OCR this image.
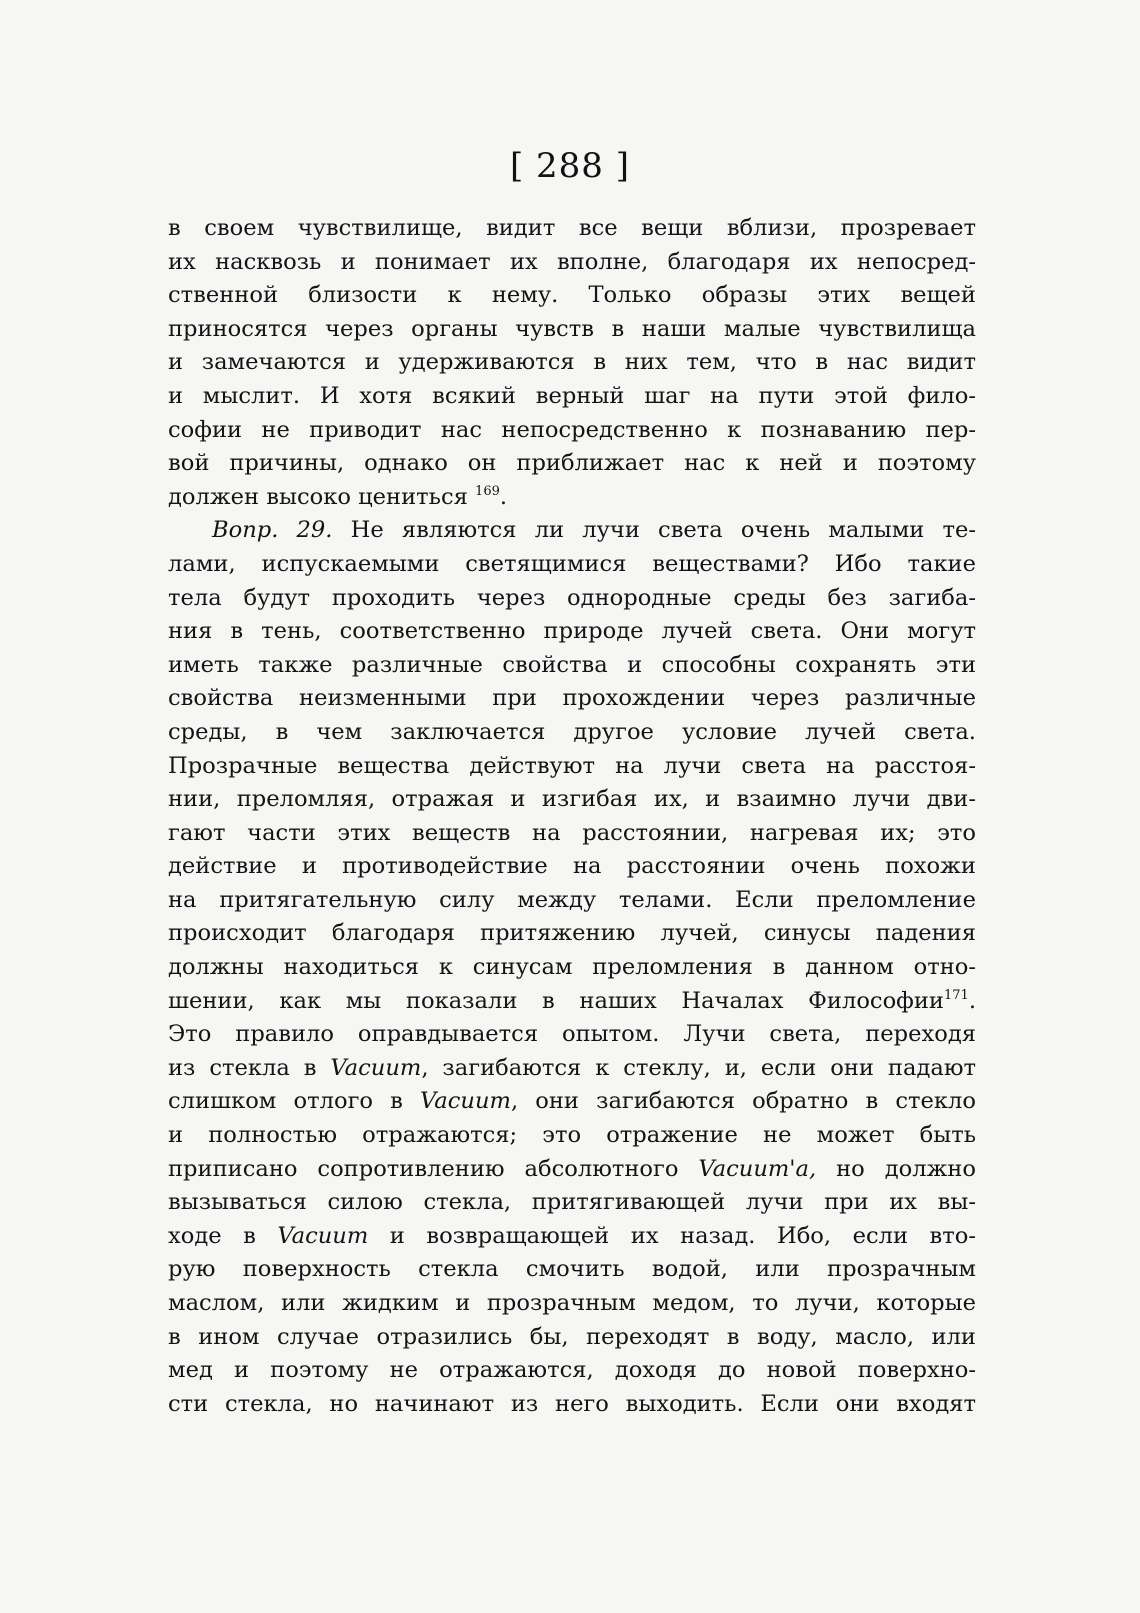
[ 288 ]
в своем чувствилище, видит все вещи вблизи, прозревает
их насквозь и понимает их вполне, благодаря их непосред-
ственной близости к нему. Только образы этих вещей
приносятся через органы чувств в наши малые чувствилища
и замечаются и удерживаются в них тем, что в нас видит
и мыслит. И хотя всякий верный шаг на пути этой фило-
софии не приводит нас непосредственно к познаванию пер-
вой причины, однако он приближает нас к ней и поэтому
должен высоко цениться $^{169}$.
Вопр. 29. Не являются ли лучи света очень малыми те-
лами, испускаемыми светящимися веществами? Ибо такие
тела будут проходить через однородные среды без загиба-
ния в тень, соответственно природе лучей света. Они могут
иметь также различные свойства и способны сохранять эти
свойства неизменными при прохождении через различные
среды, в чем заключается другое условие лучей света.
Прозрачные вещества действуют на лучи света на расстоя-
нии, преломляя, отражая и изгибая их, и взаимно лучи дви-
гают части этих веществ на расстоянии, нагревая их; это
действие и противодействие на расстоянии очень похожи
на притягательную силу между телами. Если преломление
происходит благодаря притяжению лучей, синусы падения
должны находиться к синусам преломления в данном отно-
шении, как мы показали в наших Началах Философии$^{171}$.
Это правило оправдывается опытом. Лучи света, переходя
из стекла в Vacuum, загибаются к стеклу, и, если они падают
слишком отлого в Vacuum, они загибаются обратно в стекло
и полностью отражаются; это отражение не может быть
приписано сопротивлению абсолютного Vacuum'a, но должно
вызываться силою стекла, притягивающей лучи при их вы-
ходе в Vacuum и возвращающей их назад. Ибо, если вто-
рую поверхность стекла смочить водой, или прозрачным
маслом, или жидким и прозрачным медом, то лучи, которые
в ином случае отразились бы, переходят в воду, масло, или
мед и поэтому не отражаются, доходя до новой поверхно-
сти стекла, но начинают из него выходить. Если они входят
